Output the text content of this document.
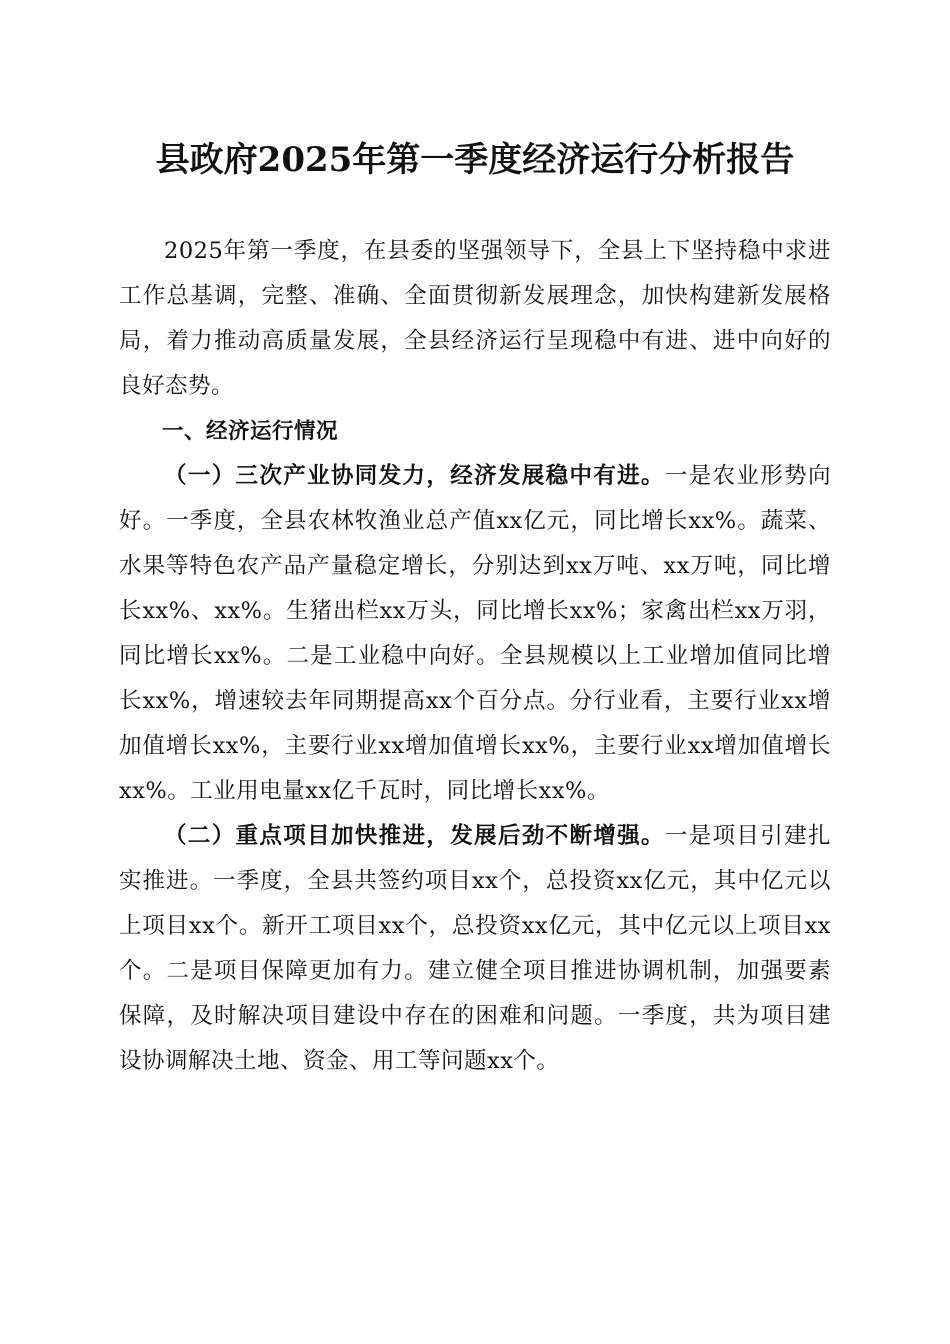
县政府2025年第一季度经济运行分析报告

2025年第一季度，在县委的坚强领导下，全县上下坚持稳中求进工作总基调，完整、准确、全面贯彻新发展理念，加快构建新发展格局，着力推动高质量发展，全县经济运行呈现稳中有进、进中向好的良好态势。

一、经济运行情况

（一）三次产业协同发力，经济发展稳中有进。一是农业形势向好。一季度，全县农林牧渔业总产值xx亿元，同比增长xx%。蔬菜、水果等特色农产品产量稳定增长，分别达到xx万吨、xx万吨，同比增长xx%、xx%。生猪出栏xx万头，同比增长xx%；家禽出栏xx万羽，同比增长xx%。二是工业稳中向好。全县规模以上工业增加值同比增长xx%，增速较去年同期提高xx个百分点。分行业看，主要行业xx增加值增长xx%，主要行业xx增加值增长xx%，主要行业xx增加值增长xx%。工业用电量xx亿千瓦时，同比增长xx%。

（二）重点项目加快推进，发展后劲不断增强。一是项目引建扎实推进。一季度，全县共签约项目xx个，总投资xx亿元，其中亿元以上项目xx个。新开工项目xx个，总投资xx亿元，其中亿元以上项目xx个。二是项目保障更加有力。建立健全项目推进协调机制，加强要素保障，及时解决项目建设中存在的困难和问题。一季度，共为项目建设协调解决土地、资金、用工等问题xx个。
